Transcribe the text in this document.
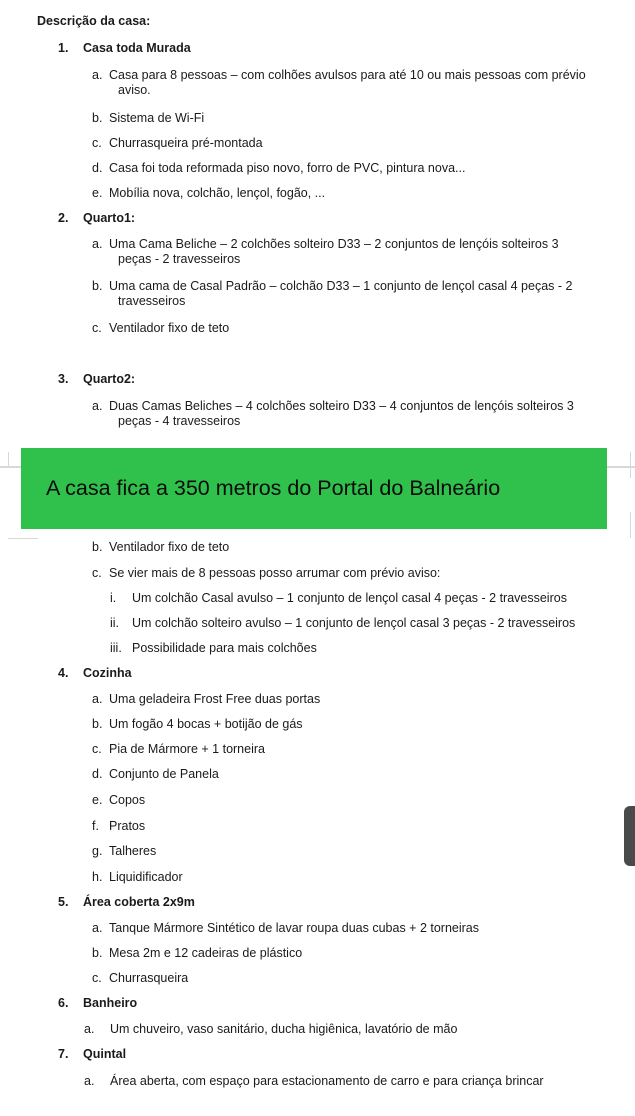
Descrição da casa:
1. Casa toda Murada
a. Casa para 8 pessoas – com colhões avulsos para até 10 ou mais pessoas com prévio
aviso.
b. Sistema de Wi-Fi
c. Churrasqueira pré-montada
d. Casa foi toda reformada piso novo, forro de PVC, pintura nova...
e. Mobília nova, colchão, lençol, fogão, ...
2. Quarto1:
a. Uma Cama Beliche – 2 colchões solteiro D33 – 2 conjuntos de lençóis solteiros 3
peças - 2 travesseiros
b. Uma cama de Casal Padrão – colchão D33 – 1 conjunto de lençol casal 4 peças - 2
travesseiros
c. Ventilador fixo de teto
3. Quarto2:
a. Duas Camas Beliches – 4 colchões solteiro D33 – 4 conjuntos de lençóis solteiros 3
peças - 4 travesseiros
A casa fica a 350 metros do Portal do Balneário
b. Ventilador fixo de teto
c. Se vier mais de 8 pessoas posso arrumar com prévio aviso:
i. Um colchão Casal avulso – 1 conjunto de lençol casal 4 peças - 2 travesseiros
ii. Um colchão solteiro avulso – 1 conjunto de lençol casal 3 peças - 2 travesseiros
iii. Possibilidade para mais colchões
4. Cozinha
a. Uma geladeira Frost Free duas portas
b. Um fogão 4 bocas + botijão de gás
c. Pia de Mármore + 1 torneira
d. Conjunto de Panela
e. Copos
f. Pratos
g. Talheres
h. Liquidificador
5. Área coberta 2x9m
a. Tanque Mármore Sintético de lavar roupa duas cubas + 2 torneiras
b. Mesa 2m e 12 cadeiras de plástico
c. Churrasqueira
6. Banheiro
a. Um chuveiro, vaso sanitário, ducha higiênica, lavatório de mão
7. Quintal
a. Área aberta, com espaço para estacionamento de carro e para criança brincar
